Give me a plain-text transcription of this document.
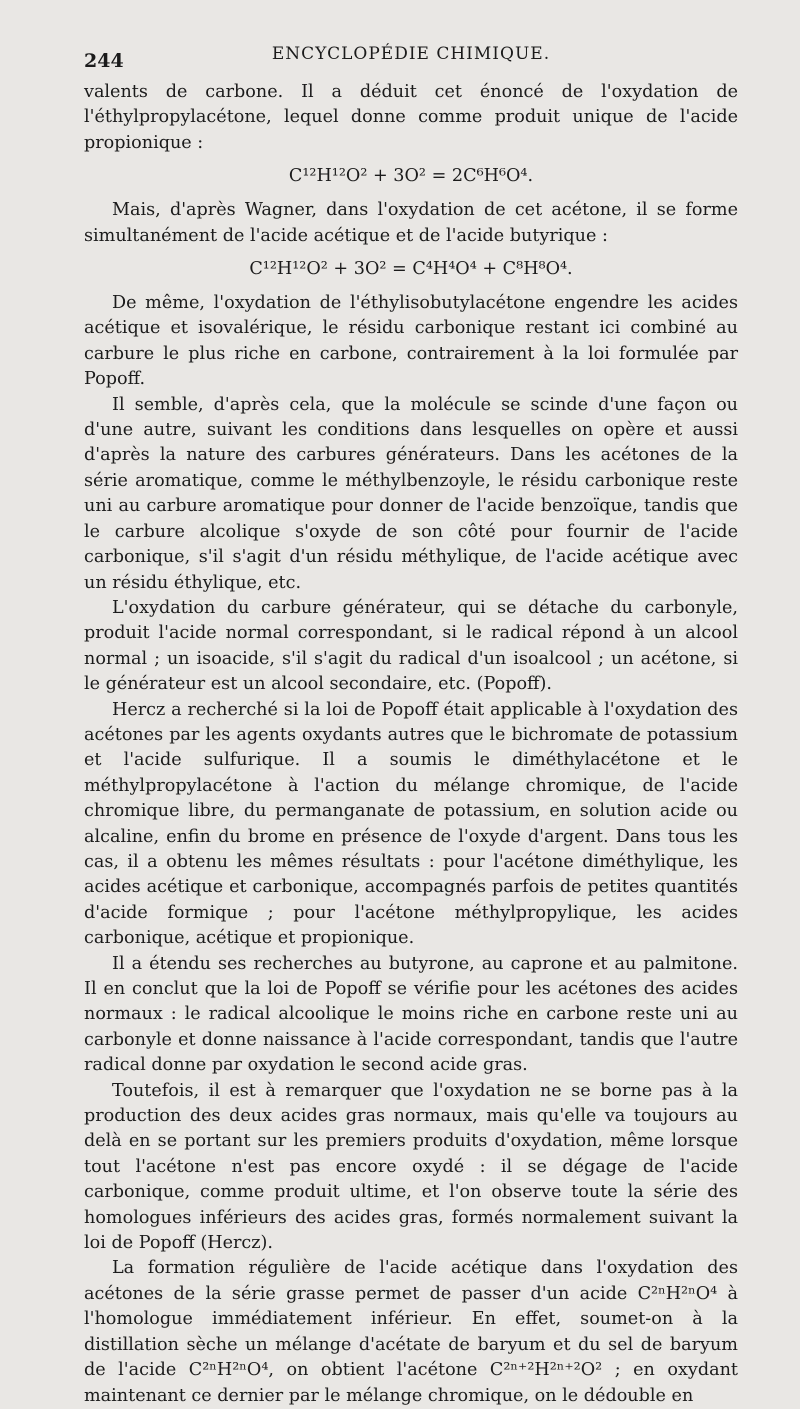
244	ENCYCLOPÉDIE CHIMIQUE.

valents de carbone. Il a déduit cet énoncé de l'oxydation de l'éthylpropylacétone, lequel donne comme produit unique de l'acide propionique :

C¹²H¹²O² + 3O² = 2C⁶H⁶O⁴.

Mais, d'après Wagner, dans l'oxydation de cet acétone, il se forme simultanément de l'acide acétique et de l'acide butyrique :

C¹²H¹²O² + 3O² = C⁴H⁴O⁴ + C⁸H⁸O⁴.

De même, l'oxydation de l'éthylisobutylacétone engendre les acides acétique et isovalérique, le résidu carbonique restant ici combiné au carbure le plus riche en carbone, contrairement à la loi formulée par Popoff.

Il semble, d'après cela, que la molécule se scinde d'une façon ou d'une autre, suivant les conditions dans lesquelles on opère et aussi d'après la nature des carbures générateurs. Dans les acétones de la série aromatique, comme le méthylbenzoyle, le résidu carbonique reste uni au carbure aromatique pour donner de l'acide benzoïque, tandis que le carbure alcolique s'oxyde de son côté pour fournir de l'acide carbonique, s'il s'agit d'un résidu méthylique, de l'acide acétique avec un résidu éthylique, etc.

L'oxydation du carbure générateur, qui se détache du carbonyle, produit l'acide normal correspondant, si le radical répond à un alcool normal ; un isoacide, s'il s'agit du radical d'un isoalcool ; un acétone, si le générateur est un alcool secondaire, etc. (Popoff).

Hercz a recherché si la loi de Popoff était applicable à l'oxydation des acétones par les agents oxydants autres que le bichromate de potassium et l'acide sulfurique. Il a soumis le diméthylacétone et le méthylpropylacétone à l'action du mélange chromique, de l'acide chromique libre, du permanganate de potassium, en solution acide ou alcaline, enfin du brome en présence de l'oxyde d'argent. Dans tous les cas, il a obtenu les mêmes résultats : pour l'acétone diméthylique, les acides acétique et carbonique, accompagnés parfois de petites quantités d'acide formique ; pour l'acétone méthylpropylique, les acides carbonique, acétique et propionique.

Il a étendu ses recherches au butyrone, au caprone et au palmitone. Il en conclut que la loi de Popoff se vérifie pour les acétones des acides normaux : le radical alcoolique le moins riche en carbone reste uni au carbonyle et donne naissance à l'acide correspondant, tandis que l'autre radical donne par oxydation le second acide gras.

Toutefois, il est à remarquer que l'oxydation ne se borne pas à la production des deux acides gras normaux, mais qu'elle va toujours au delà en se portant sur les premiers produits d'oxydation, même lorsque tout l'acétone n'est pas encore oxydé : il se dégage de l'acide carbonique, comme produit ultime, et l'on observe toute la série des homologues inférieurs des acides gras, formés normalement suivant la loi de Popoff (Hercz).

La formation régulière de l'acide acétique dans l'oxydation des acétones de la série grasse permet de passer d'un acide C²ⁿH²ⁿO⁴ à l'homologue immédiatement inférieur. En effet, soumet-on à la distillation sèche un mélange d'acétate de baryum et du sel de baryum de l'acide C²ⁿH²ⁿO⁴, on obtient l'acétone C²ⁿ⁺²H²ⁿ⁺²O² ; en oxydant maintenant ce dernier par le mélange chromique, on le dédouble en
